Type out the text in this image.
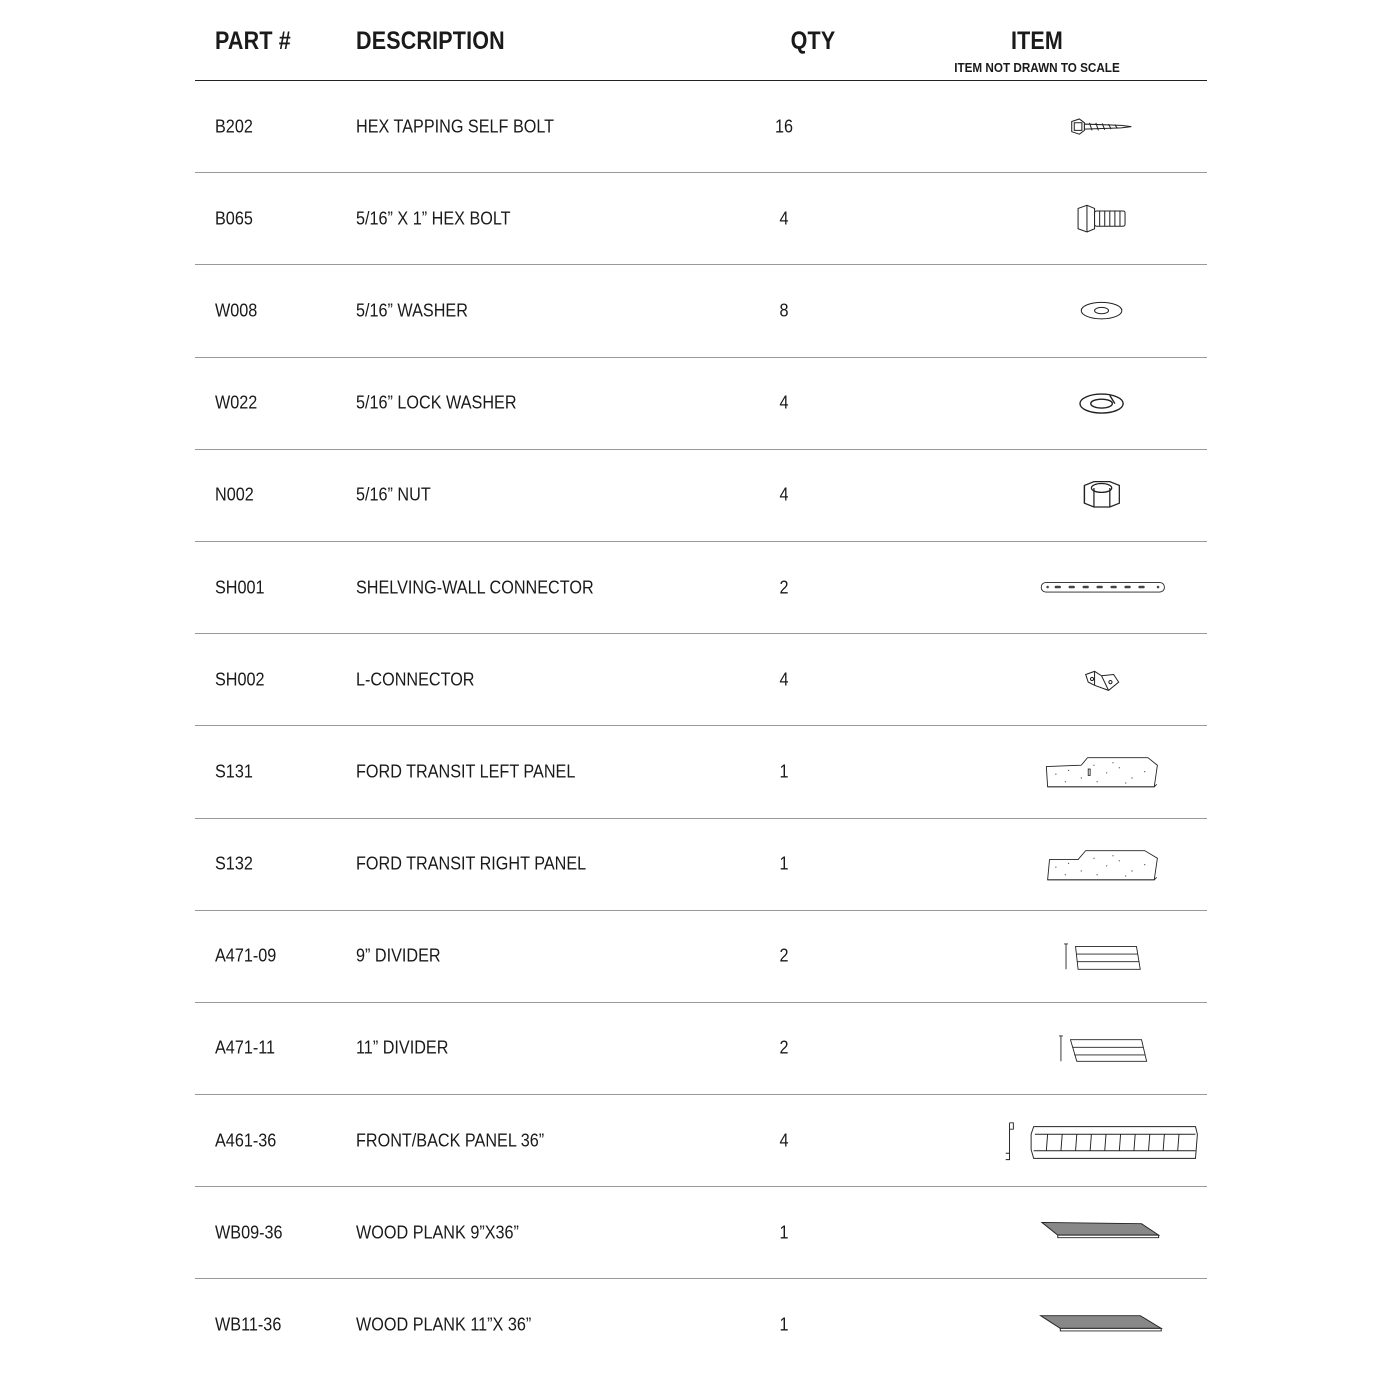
PART #	DESCRIPTION	QTY	ITEM
ITEM NOT DRAWN TO SCALE
B202	HEX TAPPING SELF BOLT	16
B065	5/16” X 1” HEX BOLT	4
W008	5/16” WASHER	8
W022	5/16” LOCK WASHER	4
N002	5/16” NUT	4
SH001	SHELVING-WALL CONNECTOR	2
SH002	L-CONNECTOR	4
S131	FORD TRANSIT LEFT PANEL	1
S132	FORD TRANSIT RIGHT PANEL	1
A471-09	9” DIVIDER	2
A471-11	11” DIVIDER	2
A461-36	FRONT/BACK PANEL 36”	4
WB09-36	WOOD PLANK 9”X36”	1
WB11-36	WOOD PLANK 11”X 36”	1
